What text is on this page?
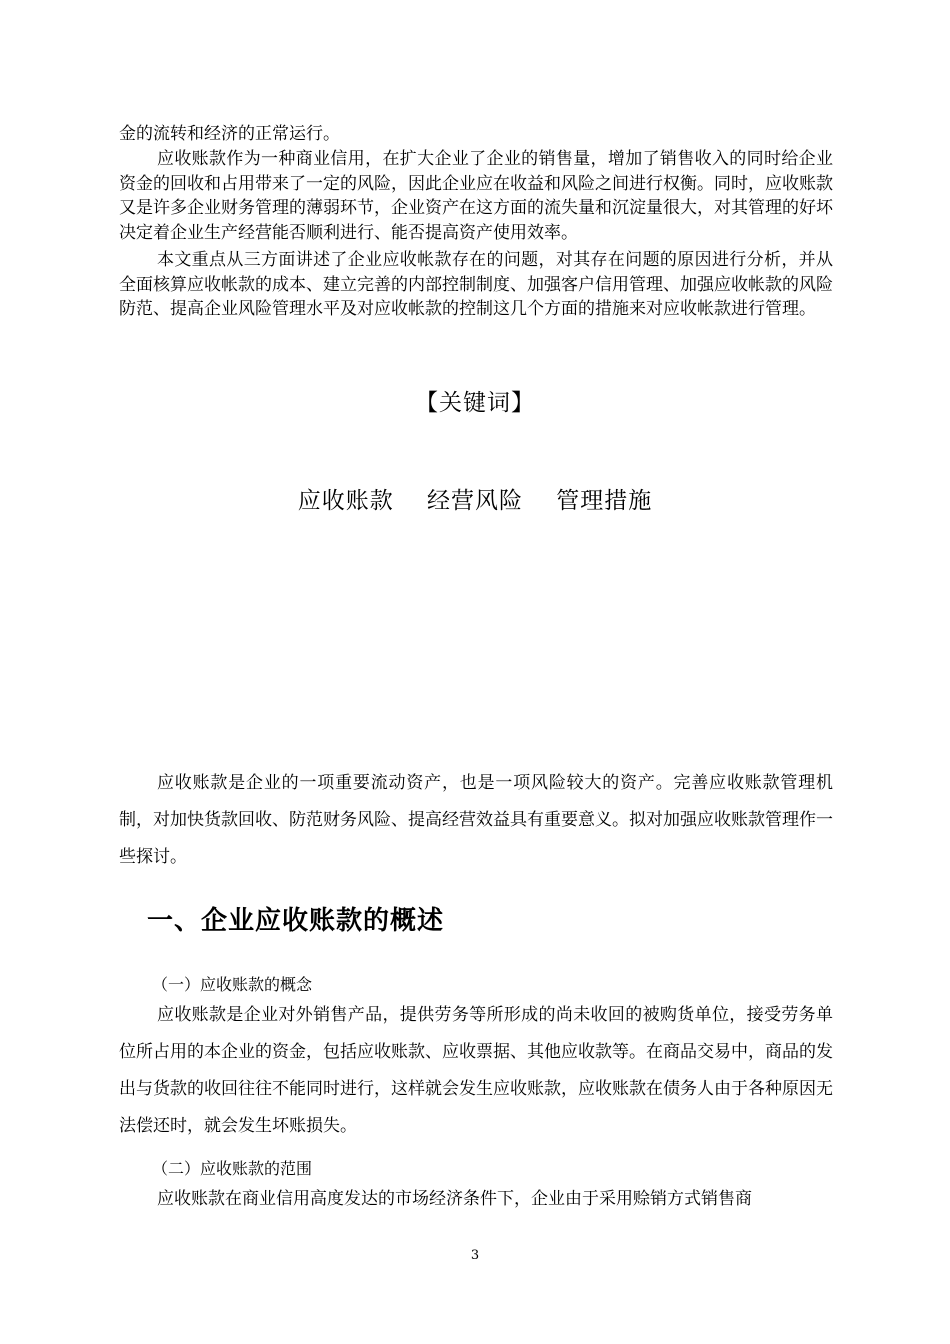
金的流转和经济的正常运行。

应收账款作为一种商业信用，在扩大企业了企业的销售量，增加了销售收入的同时给企业资金的回收和占用带来了一定的风险，因此企业应在收益和风险之间进行权衡。同时，应收账款又是许多企业财务管理的薄弱环节，企业资产在这方面的流失量和沉淀量很大，对其管理的好坏决定着企业生产经营能否顺利进行、能否提高资产使用效率。

本文重点从三方面讲述了企业应收帐款存在的问题，对其存在问题的原因进行分析，并从全面核算应收帐款的成本、建立完善的内部控制制度、加强客户信用管理、加强应收帐款的风险防范、提高企业风险管理水平及对应收帐款的控制这几个方面的措施来对应收帐款进行管理。

【关键词】
应收账款 经营风险 管理措施

应收账款是企业的一项重要流动资产，也是一项风险较大的资产。完善应收账款管理机制，对加快货款回收、防范财务风险、提高经营效益具有重要意义。拟对加强应收账款管理作一些探讨。

一、企业应收账款的概述
（一）应收账款的概念

应收账款是企业对外销售产品，提供劳务等所形成的尚未收回的被购货单位，接受劳务单位所占用的本企业的资金，包括应收账款、应收票据、其他应收款等。在商品交易中，商品的发出与货款的收回往往不能同时进行，这样就会发生应收账款，应收账款在债务人由于各种原因无法偿还时，就会发生坏账损失。

（二）应收账款的范围

应收账款在商业信用高度发达的市场经济条件下，企业由于采用赊销方式销售商

3
